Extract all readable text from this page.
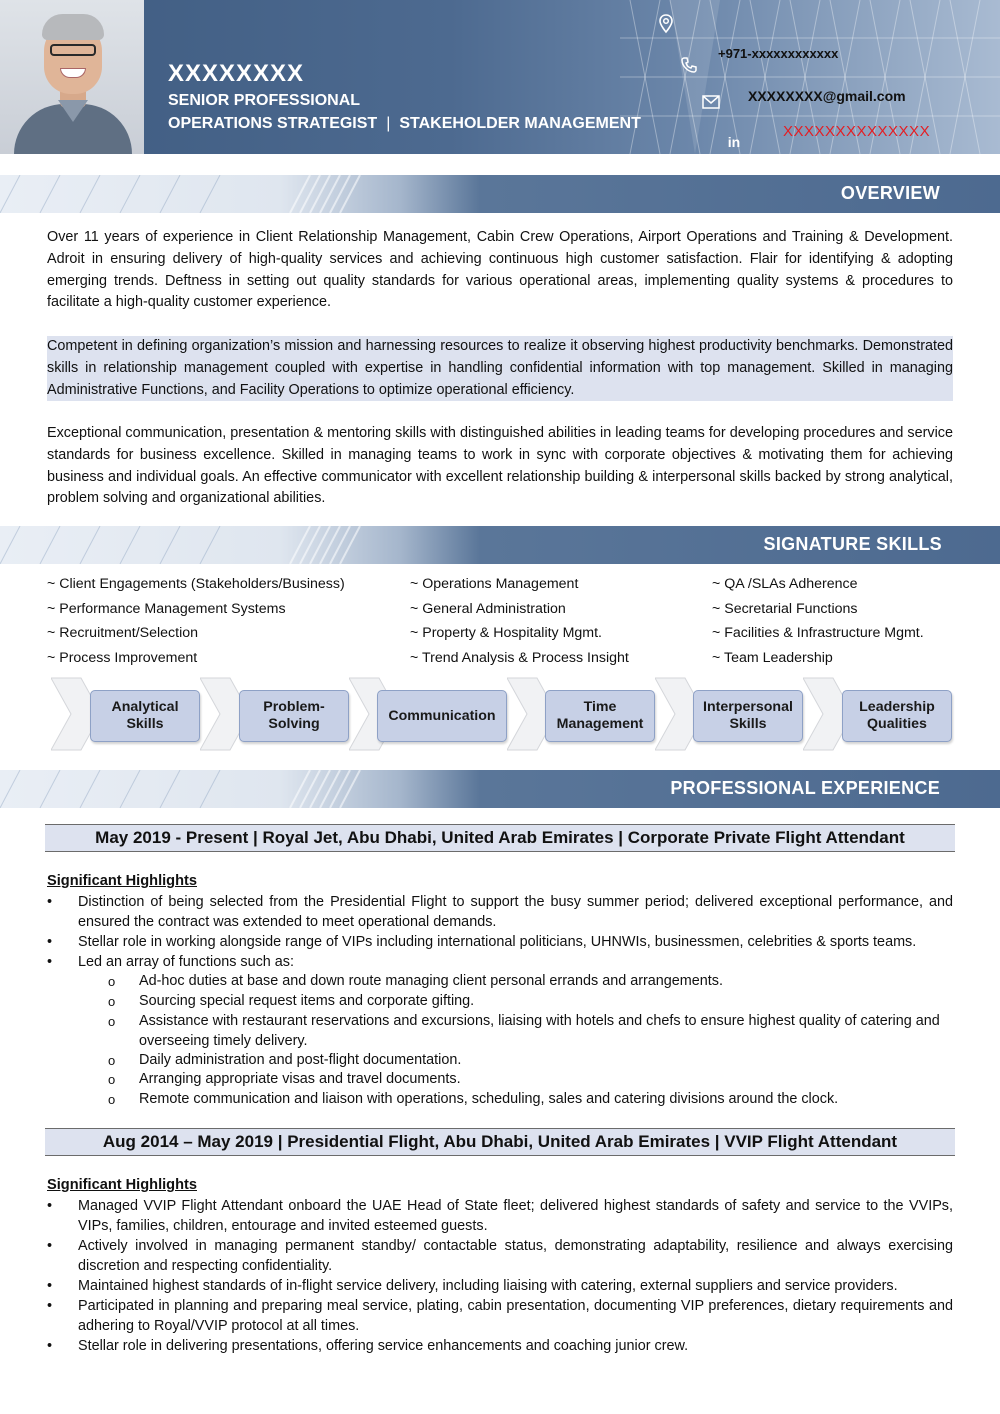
XXXXXXXX
SENIOR PROFESSIONAL
OPERATIONS STRATEGIST | STAKEHOLDER MANAGEMENT
in
+971-xxxxxxxxxxxx
XXXXXXXX@gmail.com
XXXXXXXXXXXXXX
OVERVIEW
Over 11 years of experience in Client Relationship Management, Cabin Crew Operations, Airport Operations and Training & Development. Adroit in ensuring delivery of high-quality services and achieving continuous high customer satisfaction. Flair for identifying & adopting emerging trends. Deftness in setting out quality standards for various operational areas, implementing quality systems & procedures to facilitate a high-quality customer experience.
Competent in defining organization’s mission and harnessing resources to realize it observing highest productivity benchmarks. Demonstrated skills in relationship management coupled with expertise in handling confidential information with top management. Skilled in managing Administrative Functions, and Facility Operations to optimize operational efficiency.
Exceptional communication, presentation & mentoring skills with distinguished abilities in leading teams for developing procedures and service standards for business excellence. Skilled in managing teams to work in sync with corporate objectives & motivating them for achieving business and individual goals. An effective communicator with excellent relationship building & interpersonal skills backed by strong analytical, problem solving and organizational abilities.
SIGNATURE SKILLS
~ Client Engagements (Stakeholders/Business)
~ Performance Management Systems
~ Recruitment/Selection
~ Process Improvement
~ Operations Management
~ General Administration
~ Property & Hospitality Mgmt.
~ Trend Analysis & Process Insight
~ QA /SLAs Adherence
~ Secretarial Functions
~ Facilities & Infrastructure Mgmt.
~ Team Leadership
Analytical
Skills
Problem-
Solving
Communication
Time
Management
Interpersonal
Skills
Leadership
Qualities
PROFESSIONAL EXPERIENCE
May 2019 - Present | Royal Jet, Abu Dhabi, United Arab Emirates | Corporate Private Flight Attendant
Significant Highlights
• Distinction of being selected from the Presidential Flight to support the busy summer period; delivered exceptional performance, and ensured the contract was extended to meet operational demands.
• Stellar role in working alongside range of VIPs including international politicians, UHNWIs, businessmen, celebrities & sports teams.
• Led an array of functions such as:
o Ad-hoc duties at base and down route managing client personal errands and arrangements.
o Sourcing special request items and corporate gifting.
o Assistance with restaurant reservations and excursions, liaising with hotels and chefs to ensure highest quality of catering and overseeing timely delivery.
o Daily administration and post-flight documentation.
o Arranging appropriate visas and travel documents.
o Remote communication and liaison with operations, scheduling, sales and catering divisions around the clock.
Aug 2014 – May 2019 | Presidential Flight, Abu Dhabi, United Arab Emirates | VVIP Flight Attendant
Significant Highlights
• Managed VVIP Flight Attendant onboard the UAE Head of State fleet; delivered highest standards of safety and service to the VVIPs, VIPs, families, children, entourage and invited esteemed guests.
• Actively involved in managing permanent standby/ contactable status, demonstrating adaptability, resilience and always exercising discretion and respecting confidentiality.
• Maintained highest standards of in-flight service delivery, including liaising with catering, external suppliers and service providers.
• Participated in planning and preparing meal service, plating, cabin presentation, documenting VIP preferences, dietary requirements and adhering to Royal/VVIP protocol at all times.
• Stellar role in delivering presentations, offering service enhancements and coaching junior crew.
